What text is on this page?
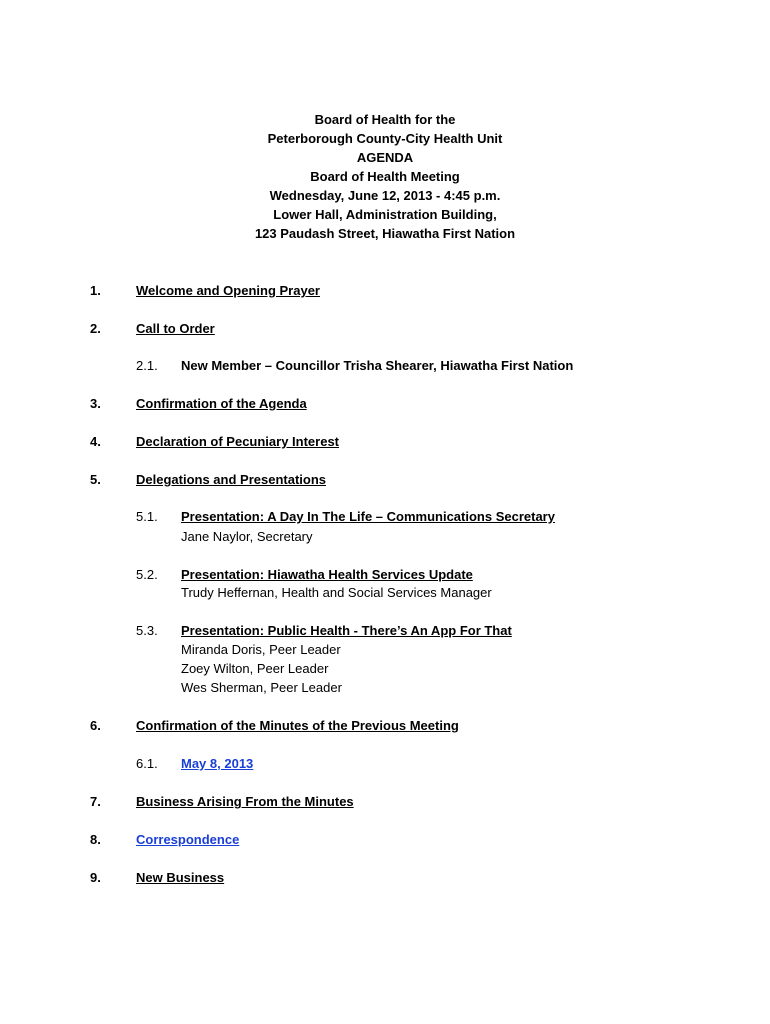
Board of Health for the
Peterborough County-City Health Unit
AGENDA
Board of Health Meeting
Wednesday, June 12, 2013 - 4:45 p.m.
Lower Hall, Administration Building,
123 Paudash Street, Hiawatha First Nation
1.	Welcome and Opening Prayer
2.	Call to Order
2.1. New Member – Councillor Trisha Shearer, Hiawatha First Nation
3.	Confirmation of the Agenda
4.	Declaration of Pecuniary Interest
5.	Delegations and Presentations
5.1. Presentation: A Day In The Life – Communications Secretary
Jane Naylor, Secretary
5.2. Presentation: Hiawatha Health Services Update
Trudy Heffernan, Health and Social Services Manager
5.3. Presentation: Public Health - There’s An App For That
Miranda Doris, Peer Leader
Zoey Wilton, Peer Leader
Wes Sherman, Peer Leader
6.	Confirmation of the Minutes of the Previous Meeting
6.1. May 8, 2013
7.	Business Arising From the Minutes
8.	Correspondence
9.	New Business
